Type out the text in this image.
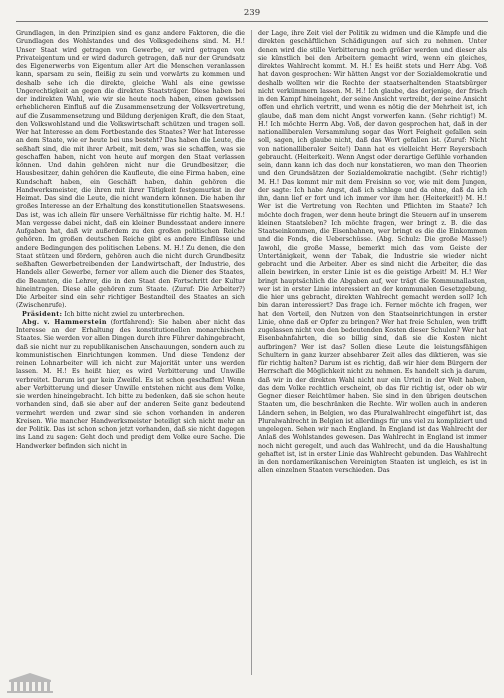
239

Grundlagen, in den Prinzipien sind es ganz andere Faktoren, die die Grundlagen des Wohlstandes und des Volksgedeihens sind. M. H.! Unser Staat wird getragen von Gewerbe, er wird getragen von Privateigentum und er wird dadurch getragen, daß nur der Grundsatz des Eigenerwerbs von Eigentum aller Art die Menschen veranlassen kann, sparsam zu sein, fleißig zu sein und vorwärts zu kommen und deshalb sehe ich die direkte, gleiche Wahl als eine gewisse Ungerechtigkeit an gegen die direkten Staatsträger. Diese haben bei der indirekten Wahl, wie wir sie heute noch haben, einen gewissen erheblicheren Einfluß auf die Zusammensetzung der Volksvertretung, auf die Zusammensetzung und Bildung derjenigen Kraft, die den Staat, den Volkswohlstand und die Volkswirtschaft schützen und tragen soll. Wer hat Interesse an dem Fortbestande des Staates? Wer hat Interesse an dem Staate, wie er heute bei uns besteht? Das haben die Leute, die seßhaft sind, die mit ihrer Arbeit, mit dem, was sie schaffen, was sie geschaffen haben, nicht von heute auf morgen den Staat verlassen können. Und dahin gehören nicht nur die Grundbesitzer, die Hausbesitzer, dahin gehören die Kaufleute, die eine Firma haben, eine Kundschaft haben, ein Geschäft haben, dahin gehören die Handwerksmeister, die ihren mit ihrer Tätigkeit festgemurkst in der Heimat. Das sind die Leute, die nicht wandern können. Die haben ihr großes Interesse an der Erhaltung des konstitutionellen Staatswesens. Das ist, was ich allein für unsere Verhältnisse für richtig halte. M. H.! Man vergesse dabei nicht, daß ein kleiner Bundesstaat andere innere Aufgaben hat, daß wir außerdem zu den großen politischen Reiche gehören. Im großen deutschen Reiche gibt es andere Einflüsse und andere Bedingungen des politischen Lebens. M. H.! Zu denen, die den Staat stützen und fördern, gehören auch die nicht durch Grundbesitz seßhaften Gewerbetreibenden der Landwirtschaft, der Industrie, des Handels aller Gewerbe, ferner vor allem auch die Diener des Staates, die Beamten, die Lehrer, die in den Staat den Fortschritt der Kultur hineintragen. Diese alle gehören zum Staate. (Zuruf: Die Arbeiter?) Die Arbeiter sind ein sehr richtiger Bestandteil des Staates an sich (Zwischenrufe).

Präsident: Ich bitte nicht zwiel zu unterbrechen.

Abg. v. Hammerstein (fortfahrend): Sie haben aber nicht das Interesse an der Erhaltung des konstitutionellen monarchischen Staates. Sie werden vor allen Dingen durch ihre Führer dahingebracht, daß sie nicht nur zu republikanischen Anschauungen, sondern auch zu kommunistischen Einrichtungen kommen. Und diese Tendenz der reinen Lohnarbeiter will ich nicht zur Majorität unter uns werden lassen. M. H.! Es heißt hier, es wird Verbitterung und Unwille verbreitet. Darum ist gar kein Zweifel. Es ist schon geschaffen! Wenn aber Verbitterung und dieser Unwille entstehen nicht aus dem Volke, sie werden hineingebracht. Ich bitte zu bedenken, daß sie schon heute vorhanden sind, daß sie aber auf der anderen Seite ganz bedeutend vermehrt werden und zwar sind sie schon vorhanden in anderen Kreisen. Wie mancher Handwerksmeister beteiligt sich nicht mehr an der Politik. Das ist schon schon jetzt vorhanden, daß sie nicht dagegen ins Land zu sagen: Geht doch und predigt dem Volke eure Sache. Die Handwerker befinden sich nicht in

der Lage, ihre Zeit viel der Politik zu widmen und die Kämpfe und die direkten geschäftlichen Schädigungen auf sich zu nehmen. Unter denen wird die stille Verbitterung noch größer werden und dieser als sie künstlich bei den Arbeitern gemacht wird, wenn ein gleiches, direktes Wahlrecht kommt. M. H.! Es heißt stets und Herr Abg. Voß hat davon gesprochen: Wir hätten Angst vor der Sozialdemokratie und deshalb wollten wir die Rechte der staatserhaltenden Staatsbürger nicht verkümmern lassen. M. H.! Ich glaube, das derjenige, der frisch in den Kampf hineingeht, der seine Ansicht vertreibt, der seine Ansicht offen und ehrlich vertritt, und wenn es nötig die der Mehrheit ist, ich glaube, daß man dem nicht Angst vorwerfen kann. (Sehr richtig!) M. H.! Ich möchte Herrn Abg. Voß, der davon gesprochen hat, daß in der nationalliberalen Versammlung sogar das Wort Feigheit gefallen sein soll, sagen, ich glaube nicht, daß das Wort gefallen ist. (Zuruf: Nicht von nationalliberaler Seite!) Dann hat es vielleicht Herr Reyersbach gebraucht. (Heiterkeit). Wenn Angst oder derartige Gefühle vorhanden sein, dann kann ich das doch nur konstatieren, wo man den Theorien und den Grundsätzen der Sozialdemokratie nachgibt. (Sehr richtig!) M. H.! Das kommt mir mit dem Freisinn so vor, wie mit dem Jungen, der sagte: Ich habe Angst, daß ich schlage und da ohne, daß da ich ihn, dann lief er fort und ich immer vor ihm her. (Heiterkeit!) M. H.! Wer ist die Vertretung von Rechten und Pflichten im Staate? Ich möchte doch fragen, wer denn heute bringt die Steuern auf in unserem kleinen Staatsleben? Ich möchte fragen, wer bringt z. B. die das Staatseinkommen, die Eisenbahnen, wer bringt es die die Einkommen und die Fonds, die Ueberschüsse. (Abg. Schulz: Die große Masse!) Jawohl, die große Masse, bemerkt mich das vom Geiste der Untertänigkeit, wenn der Tabak, die Industrie sie wieder nicht gebracht und die Arbeiter. Aber es sind nicht die Arbeiter, die das allein bewirken, in erster Linie ist es die geistige Arbeit! M. H.! Wer bringt hauptsächlich die Abgaben auf, wer trägt die Kommunallasten, wer ist in erster Linie interessiert an der kommunalen Gesetzgebung, die hier uns gebracht, direkten Wahlrecht gemacht werden soll? Ich bin daran interessiert? Das frage ich. Ferner möchte ich fragen, wer hat den Vorteil, den Nutzen von den Staatseinrichtungen in erster Linie, ohne daß er Opfer zu bringen? Wer hat freie Schulen, wen trifft zugelassen nicht von den bedeutenden Kosten dieser Schulen? Wer hat Eisenbahnfahrten, die so billig sind, daß sie die Kosten nicht aufbringen? Wer ist das? Sollen diese Leute die leistungsfähigen Schultern in ganz kurzer absehbarer Zeit alles das diktieren, was sie für richtig halten? Darum ist es richtig, daß wir hier dem Bürgern der Herrschaft die Möglichkeit nicht zu nehmen. Es handelt sich ja darum, daß wir in der direkten Wahl nicht nur ein Urteil in der Welt haben, das dem Volke rechtlich erscheint, ob das für richtig ist, oder ob wir Gegner dieser Reichtümer haben. Sie sind in den übrigen deutschen Staaten um, die beschränken die Rechte. Wir wollen auch in anderen Ländern sehen, in Belgien, wo das Pluralwahlrecht eingeführt ist, das Pluralwahlrecht in Belgien ist allerdings für uns viel zu kompliziert und ungelegen. Sehen wir nach England. In England ist das Wahlrecht der Anlaß des Wohlstandes gewesen. Das Wahlrecht in England ist immer noch nicht geregelt, und auch das Wahlrecht, und da die Haushaltung gehaftet ist, ist in erster Linie das Wahlrecht gebunden. Das Wahlrecht in den nordamerikanischen Vereinigten Staaten ist ungleich, es ist in allen einzelnen Staaten verschieden. Das
